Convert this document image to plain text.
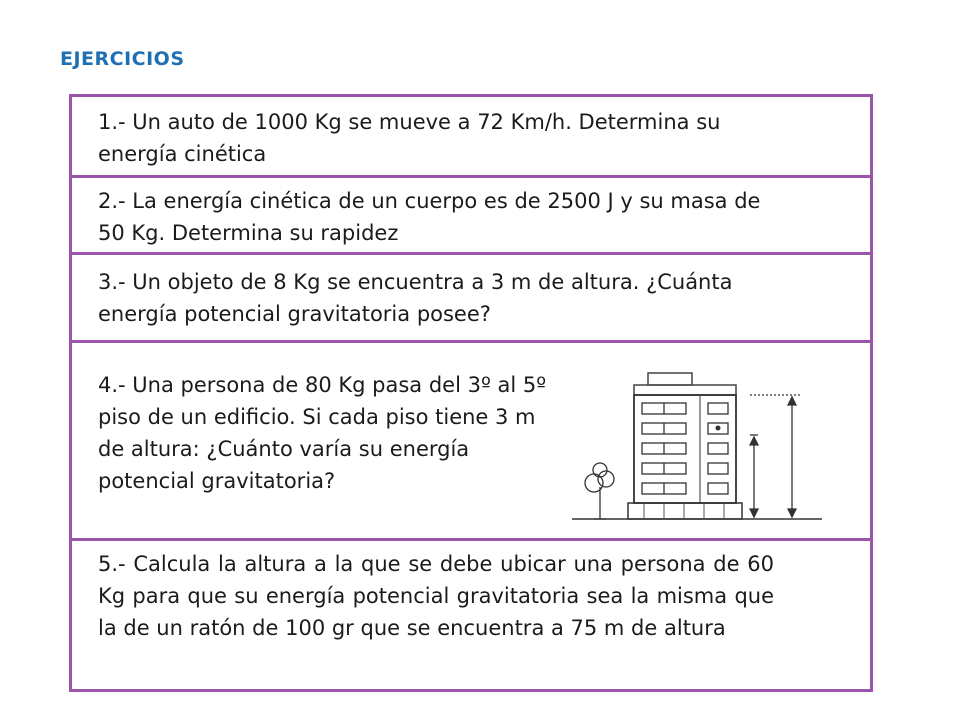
EJERCICIOS

1.- Un auto de 1000 Kg se mueve a 72 Km/h. Determina su energía cinética

2.- La energía cinética de un cuerpo es de 2500 J y su masa de 50 Kg. Determina su rapidez

3.- Un objeto de 8 Kg se encuentra a 3 m de altura. ¿Cuánta energía potencial gravitatoria posee?

4.- Una persona de 80 Kg pasa del 3º al 5º piso de un edificio. Si cada piso tiene 3 m de altura: ¿Cuánto varía su energía potencial gravitatoria?

5.- Calcula la altura a la que se debe ubicar una persona de 60 Kg para que su energía potencial gravitatoria sea la misma que la de un ratón de 100 gr que se encuentra a 75 m de altura
